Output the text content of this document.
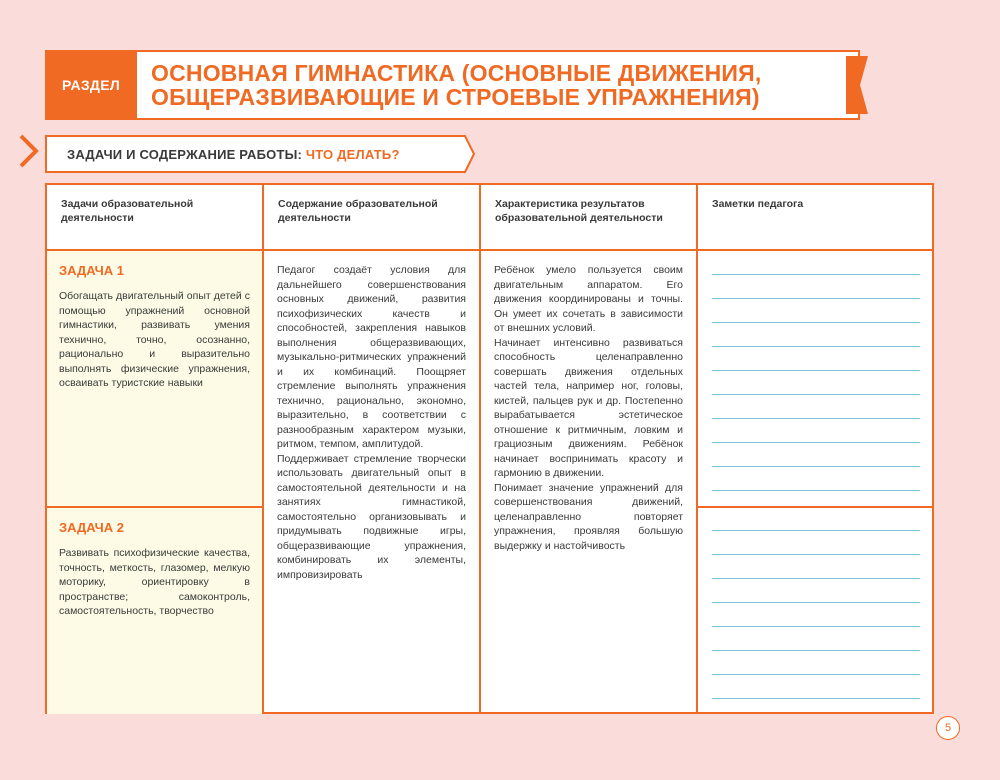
РАЗДЕЛ	ОСНОВНАЯ ГИМНАСТИКА (ОСНОВНЫЕ ДВИЖЕНИЯ,
ОБЩЕРАЗВИВАЮЩИЕ И СТРОЕВЫЕ УПРАЖНЕНИЯ)
ЗАДАЧИ И СОДЕРЖАНИЕ РАБОТЫ: ЧТО ДЕЛАТЬ?
ЗАДАЧА 1
Обогащать двигательный опыт детей с помощью упражнений основной гимнастики, развивать умения технично, точно, осознанно, рационально и выразительно выполнять физические упражнения, осваивать туристские навыки
ЗАДАЧА 2
Развивать психофизические качества, точность, меткость, глазомер, мелкую моторику, ориентировку в пространстве; самоконтроль, самостоятельность, творчество
Задачи образовательной деятельности
Содержание образовательной деятельности
Характеристика результатов образовательной деятельности
Заметки педагога

Педагог создаёт условия для дальнейшего совершенствования основных движений, развития психофизических качеств и способностей, закрепления навыков выполнения общеразвивающих, музыкально-ритмических упражнений и их комбинаций. Поощряет стремление выполнять упражнения технично, рационально, экономно, выразительно, в соответствии с разнообразным характером музыки, ритмом, темпом, амплитудой.

Поддерживает стремление творчески использовать двигательный опыт в самостоятельной деятельности и на занятиях гимнастикой, самостоятельно организовывать и придумывать подвижные игры, общеразвивающие упражнения, комбинировать их элементы, импровизировать

Ребёнок умело пользуется своим двигательным аппаратом. Его движения координированы и точны. Он умеет их сочетать в зависимости от внешних условий.

Начинает интенсивно развиваться способность целенаправленно совершать движения отдельных частей тела, например ног, головы, кистей, пальцев рук и др. Постепенно вырабатывается эстетическое отношение к ритмичным, ловким и грациозным движениям. Ребёнок начинает воспринимать красоту и гармонию в движении.

Понимает значение упражнений для совершенствования движений, целенаправленно повторяет упражнения, проявляя большую выдержку и настойчивость

5
